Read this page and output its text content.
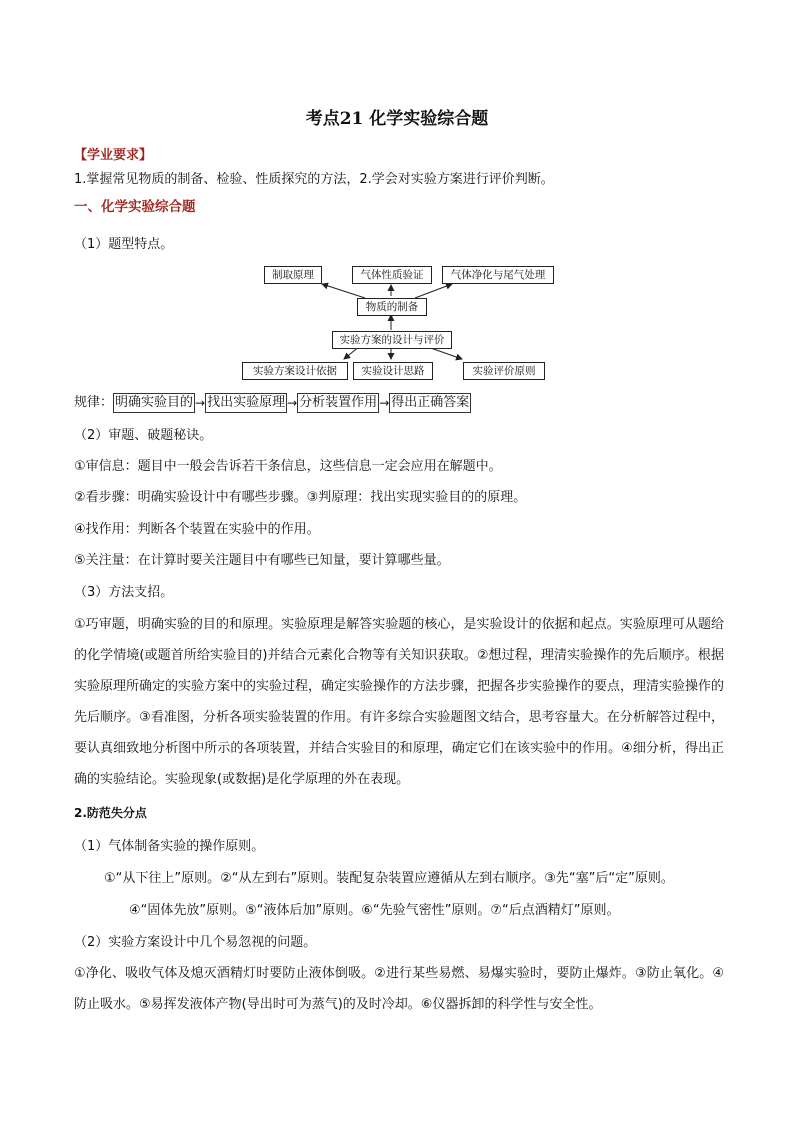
考点21 化学实验综合题
【学业要求】
1.掌握常见物质的制备、检验、性质探究的方法，2.学会对实验方案进行评价判断。
一、化学实验综合题
（1）题型特点。
制取原理	气体性质验证	气体净化与尾气处理
物质的制备
实验方案的设计与评价
实验方案设计依据	实验设计思路	实验评价原则
规律： 明确实验目的 → 找出实验原理 → 分析装置作用 → 得出正确答案
（2）审题、破题秘诀。
①审信息：题目中一般会告诉若干条信息，这些信息一定会应用在解题中。
②看步骤：明确实验设计中有哪些步骤。③判原理：找出实现实验目的的原理。
④找作用：判断各个装置在实验中的作用。
⑤关注量：在计算时要关注题目中有哪些已知量，要计算哪些量。
（3）方法支招。
①巧审题，明确实验的目的和原理。实验原理是解答实验题的核心，是实验设计的依据和起点。实验原理可从题给的化学情境(或题首所给实验目的)并结合元素化合物等有关知识获取。②想过程，理清实验操作的先后顺序。根据实验原理所确定的实验方案中的实验过程，确定实验操作的方法步骤，把握各步实验操作的要点，理清实验操作的先后顺序。③看准图，分析各项实验装置的作用。有许多综合实验题图文结合，思考容量大。在分析解答过程中，要认真细致地分析图中所示的各项装置，并结合实验目的和原理，确定它们在该实验中的作用。④细分析，得出正确的实验结论。实验现象(或数据)是化学原理的外在表现。
2.防范失分点
（1）气体制备实验的操作原则。
①“从下往上”原则。②“从左到右”原则。装配复杂装置应遵循从左到右顺序。③先“塞”后“定”原则。
④“固体先放”原则。⑤“液体后加”原则。⑥“先验气密性”原则。⑦“后点酒精灯”原则。
（2）实验方案设计中几个易忽视的问题。
①净化、吸收气体及熄灭酒精灯时要防止液体倒吸。②进行某些易燃、易爆实验时，要防止爆炸。③防止氧化。④防止吸水。⑤易挥发液体产物(导出时可为蒸气)的及时冷却。⑥仪器拆卸的科学性与安全性。
